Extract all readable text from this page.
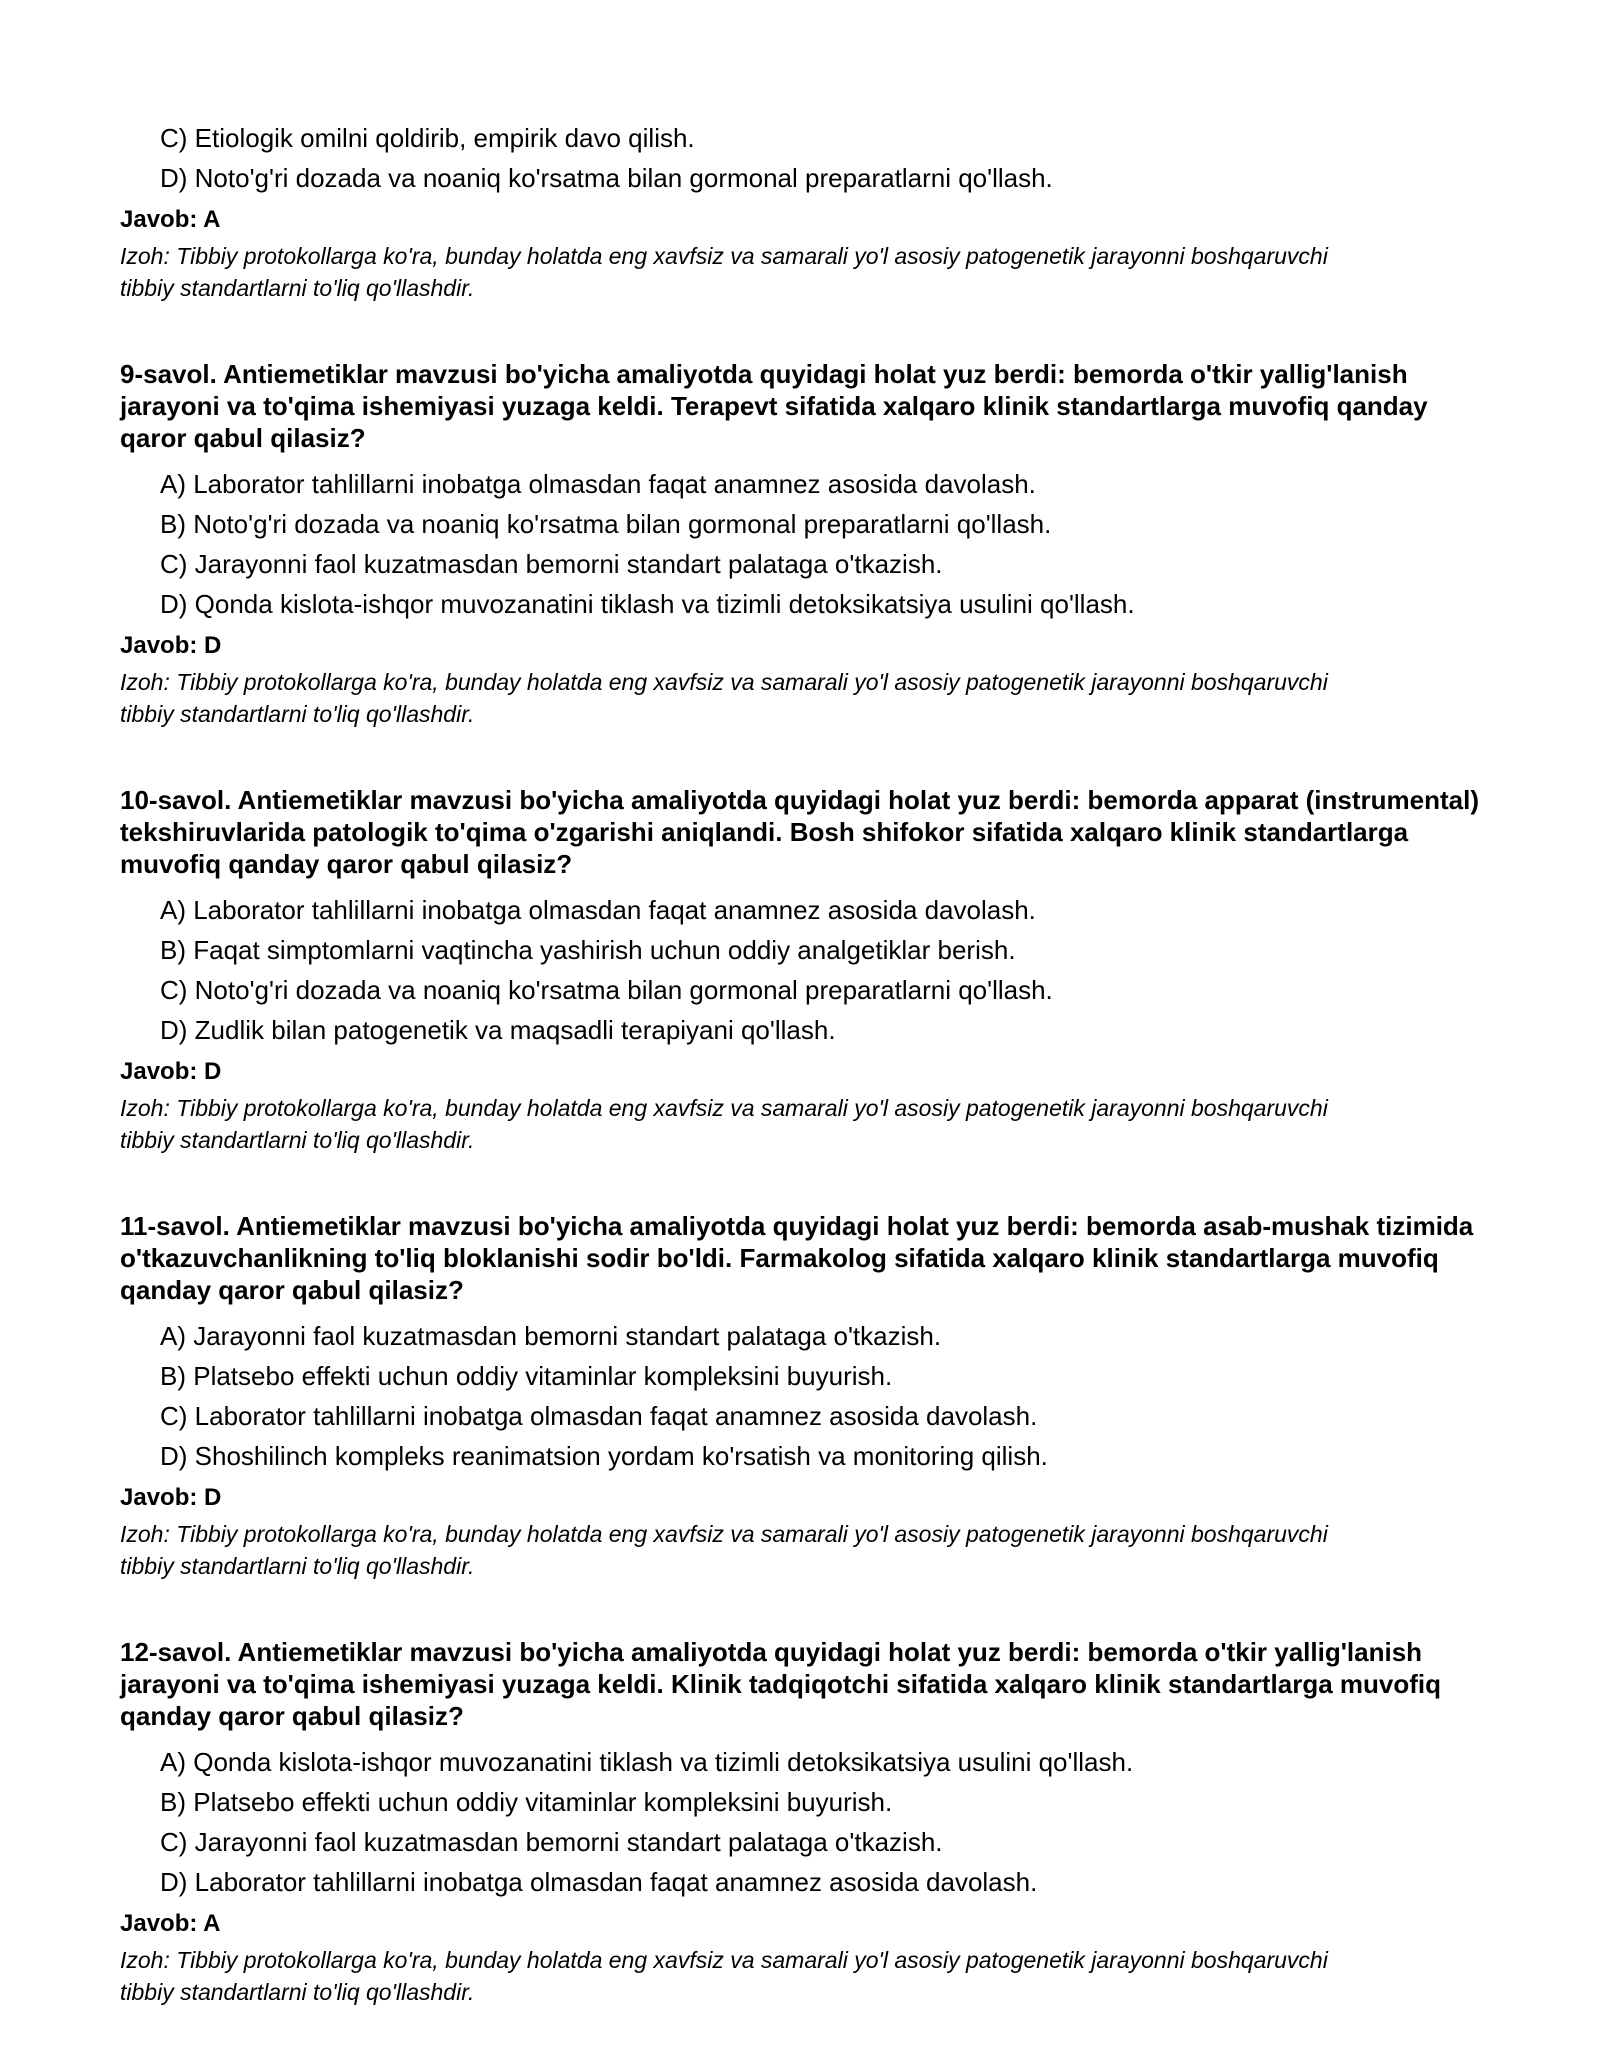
C) Etiologik omilni qoldirib, empirik davo qilish.
D) Noto'g'ri dozada va noaniq ko'rsatma bilan gormonal preparatlarni qo'llash.
Javob: A
Izoh: Tibbiy protokollarga ko'ra, bunday holatda eng xavfsiz va samarali yo'l asosiy patogenetik jarayonni boshqaruvchi tibbiy standartlarni to'liq qo'llashdir.
9-savol. Antiemetiklar mavzusi bo'yicha amaliyotda quyidagi holat yuz berdi: bemorda o'tkir yallig'lanish jarayoni va to'qima ishemiyasi yuzaga keldi. Terapevt sifatida xalqaro klinik standartlarga muvofiq qanday qaror qabul qilasiz?
A) Laborator tahlillarni inobatga olmasdan faqat anamnez asosida davolash.
B) Noto'g'ri dozada va noaniq ko'rsatma bilan gormonal preparatlarni qo'llash.
C) Jarayonni faol kuzatmasdan bemorni standart palataga o'tkazish.
D) Qonda kislota-ishqor muvozanatini tiklash va tizimli detoksikatsiya usulini qo'llash.
Javob: D
Izoh: Tibbiy protokollarga ko'ra, bunday holatda eng xavfsiz va samarali yo'l asosiy patogenetik jarayonni boshqaruvchi tibbiy standartlarni to'liq qo'llashdir.
10-savol. Antiemetiklar mavzusi bo'yicha amaliyotda quyidagi holat yuz berdi: bemorda apparat (instrumental) tekshiruvlarida patologik to'qima o'zgarishi aniqlandi. Bosh shifokor sifatida xalqaro klinik standartlarga muvofiq qanday qaror qabul qilasiz?
A) Laborator tahlillarni inobatga olmasdan faqat anamnez asosida davolash.
B) Faqat simptomlarni vaqtincha yashirish uchun oddiy analgetiklar berish.
C) Noto'g'ri dozada va noaniq ko'rsatma bilan gormonal preparatlarni qo'llash.
D) Zudlik bilan patogenetik va maqsadli terapiyani qo'llash.
Javob: D
Izoh: Tibbiy protokollarga ko'ra, bunday holatda eng xavfsiz va samarali yo'l asosiy patogenetik jarayonni boshqaruvchi tibbiy standartlarni to'liq qo'llashdir.
11-savol. Antiemetiklar mavzusi bo'yicha amaliyotda quyidagi holat yuz berdi: bemorda asab-mushak tizimida o'tkazuvchanlikning to'liq bloklanishi sodir bo'ldi. Farmakolog sifatida xalqaro klinik standartlarga muvofiq qanday qaror qabul qilasiz?
A) Jarayonni faol kuzatmasdan bemorni standart palataga o'tkazish.
B) Platsebo effekti uchun oddiy vitaminlar kompleksini buyurish.
C) Laborator tahlillarni inobatga olmasdan faqat anamnez asosida davolash.
D) Shoshilinch kompleks reanimatsion yordam ko'rsatish va monitoring qilish.
Javob: D
Izoh: Tibbiy protokollarga ko'ra, bunday holatda eng xavfsiz va samarali yo'l asosiy patogenetik jarayonni boshqaruvchi tibbiy standartlarni to'liq qo'llashdir.
12-savol. Antiemetiklar mavzusi bo'yicha amaliyotda quyidagi holat yuz berdi: bemorda o'tkir yallig'lanish jarayoni va to'qima ishemiyasi yuzaga keldi. Klinik tadqiqotchi sifatida xalqaro klinik standartlarga muvofiq qanday qaror qabul qilasiz?
A) Qonda kislota-ishqor muvozanatini tiklash va tizimli detoksikatsiya usulini qo'llash.
B) Platsebo effekti uchun oddiy vitaminlar kompleksini buyurish.
C) Jarayonni faol kuzatmasdan bemorni standart palataga o'tkazish.
D) Laborator tahlillarni inobatga olmasdan faqat anamnez asosida davolash.
Javob: A
Izoh: Tibbiy protokollarga ko'ra, bunday holatda eng xavfsiz va samarali yo'l asosiy patogenetik jarayonni boshqaruvchi tibbiy standartlarni to'liq qo'llashdir.
